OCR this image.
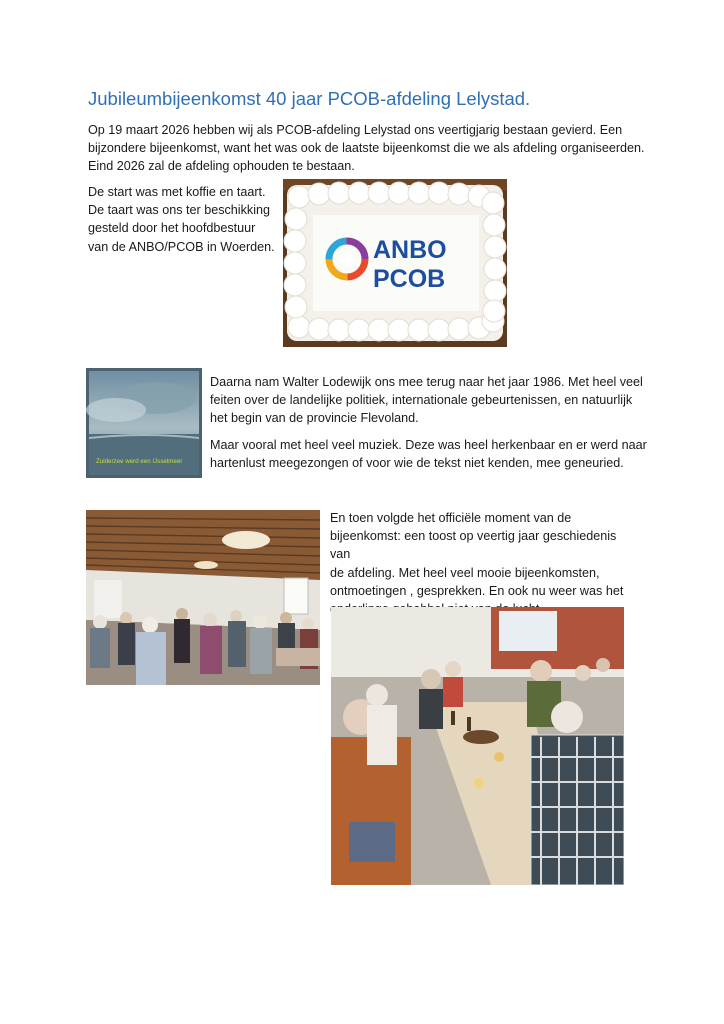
Jubileumbijeenkomst 40 jaar PCOB-afdeling Lelystad.

Op 19 maart 2026 hebben wij als PCOB-afdeling Lelystad ons veertigjarig bestaan gevierd. Een

bijzondere bijeenkomst, want het was ook de laatste bijeenkomst die we als afdeling organiseerden.

Eind 2026 zal de afdeling ophouden te bestaan.

De start was met koffie en taart.

De taart was ons ter beschikking

gesteld door het hoofdbestuur

van de ANBO/PCOB in Woerden.	ANBO
PCOB
Zuiderzee werd een IJsselmeer

Daarna nam Walter Lodewijk ons mee terug naar het jaar 1986. Met heel veel

feiten over de landelijke politiek, internationale gebeurtenissen, en natuurlijk

het begin van de provincie Flevoland.

Maar vooral met heel veel muziek. Deze was heel herkenbaar en er werd naar

hartenlust meegezongen of voor wie de tekst niet kenden, mee geneuried.

En toen volgde het officiële moment van de

bijeenkomst: een toost op veertig jaar geschiedenis van

de afdeling. Met heel veel mooie bijeenkomsten,

ontmoetingen , gesprekken. En ook nu weer was het
